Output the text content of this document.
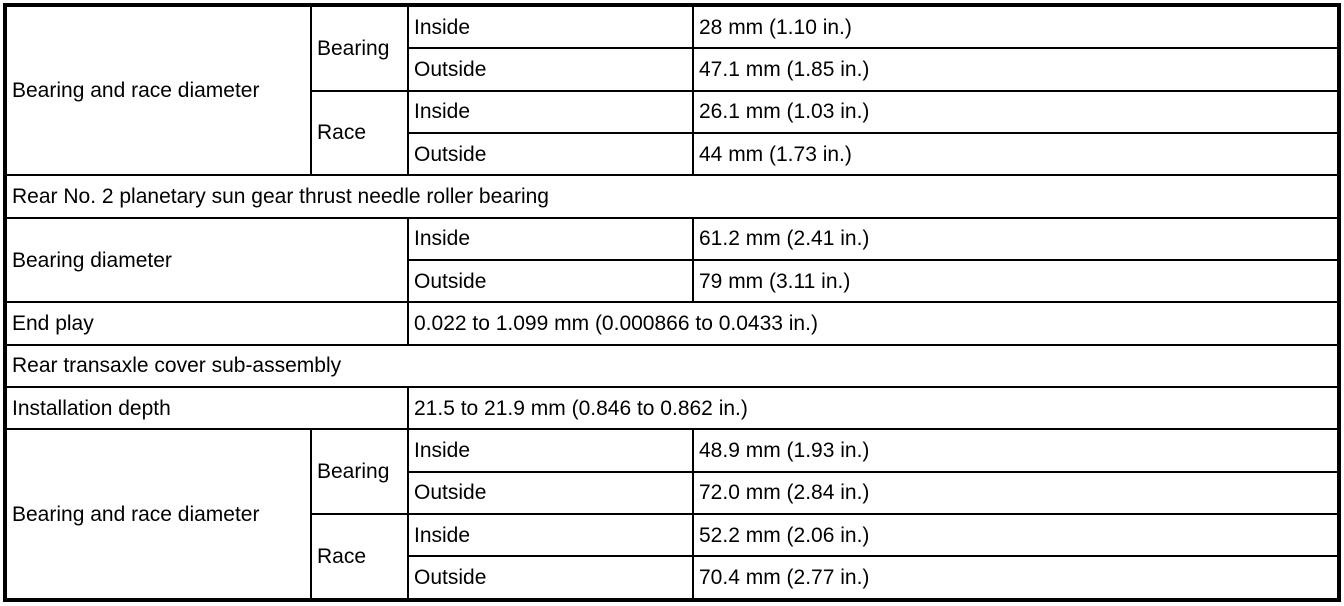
Bearing and race diameter	Bearing	Inside	28 mm (1.10 in.)
		Outside	47.1 mm (1.85 in.)
	Race	Inside	26.1 mm (1.03 in.)
		Outside	44 mm (1.73 in.)
Rear No. 2 planetary sun gear thrust needle roller bearing			
Bearing diameter		Inside	61.2 mm (2.41 in.)
		Outside	79 mm (3.11 in.)
End play		0.022 to 1.099 mm (0.000866 to 0.0433 in.)	
Rear transaxle cover sub-assembly			
Installation depth		21.5 to 21.9 mm (0.846 to 0.862 in.)	
Bearing and race diameter	Bearing	Inside	48.9 mm (1.93 in.)
		Outside	72.0 mm (2.84 in.)
	Race	Inside	52.2 mm (2.06 in.)
		Outside	70.4 mm (2.77 in.)
